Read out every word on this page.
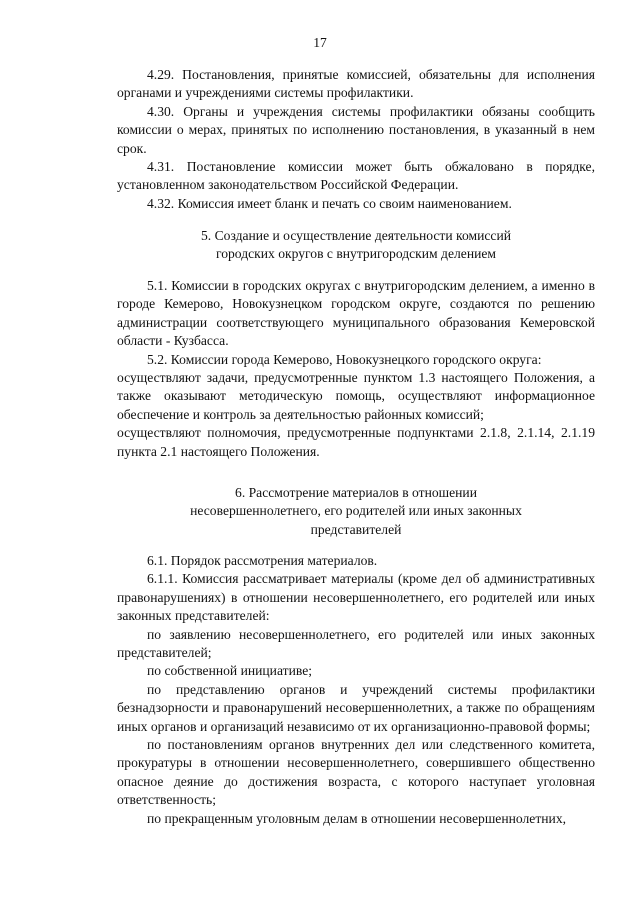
17

4.29. Постановления, принятые комиссией, обязательны для исполнения органами и учреждениями системы профилактики.

4.30. Органы и учреждения системы профилактики обязаны сообщить комиссии о мерах, принятых по исполнению постановления, в указанный в нем срок.

4.31. Постановление комиссии может быть обжаловано в порядке, установленном законодательством Российской Федерации.

4.32. Комиссия имеет бланк и печать со своим наименованием.

5. Создание и осуществление деятельности комиссий
городских округов с внутригородским делением

5.1. Комиссии в городских округах с внутригородским делением, а именно в городе Кемерово, Новокузнецком городском округе, создаются по решению администрации соответствующего муниципального образования Кемеровской области - Кузбасса.

5.2. Комиссии города Кемерово, Новокузнецкого городского округа:

осуществляют задачи, предусмотренные пунктом 1.3 настоящего Положения, а также оказывают методическую помощь, осуществляют информационное обеспечение и контроль за деятельностью районных комиссий;

осуществляют полномочия, предусмотренные подпунктами 2.1.8, 2.1.14, 2.1.19 пункта 2.1 настоящего Положения.

6. Рассмотрение материалов в отношении
несовершеннолетнего, его родителей или иных законных
представителей

6.1. Порядок рассмотрения материалов.

6.1.1. Комиссия рассматривает материалы (кроме дел об административных правонарушениях) в отношении несовершеннолетнего, его родителей или иных законных представителей:

по заявлению несовершеннолетнего, его родителей или иных законных представителей;

по собственной инициативе;

по представлению органов и учреждений системы профилактики безнадзорности и правонарушений несовершеннолетних, а также по обращениям иных органов и организаций независимо от их организационно-правовой формы;

по постановлениям органов внутренних дел или следственного комитета, прокуратуры в отношении несовершеннолетнего, совершившего общественно опасное деяние до достижения возраста, с которого наступает уголовная ответственность;

по прекращенным уголовным делам в отношении несовершеннолетних,
